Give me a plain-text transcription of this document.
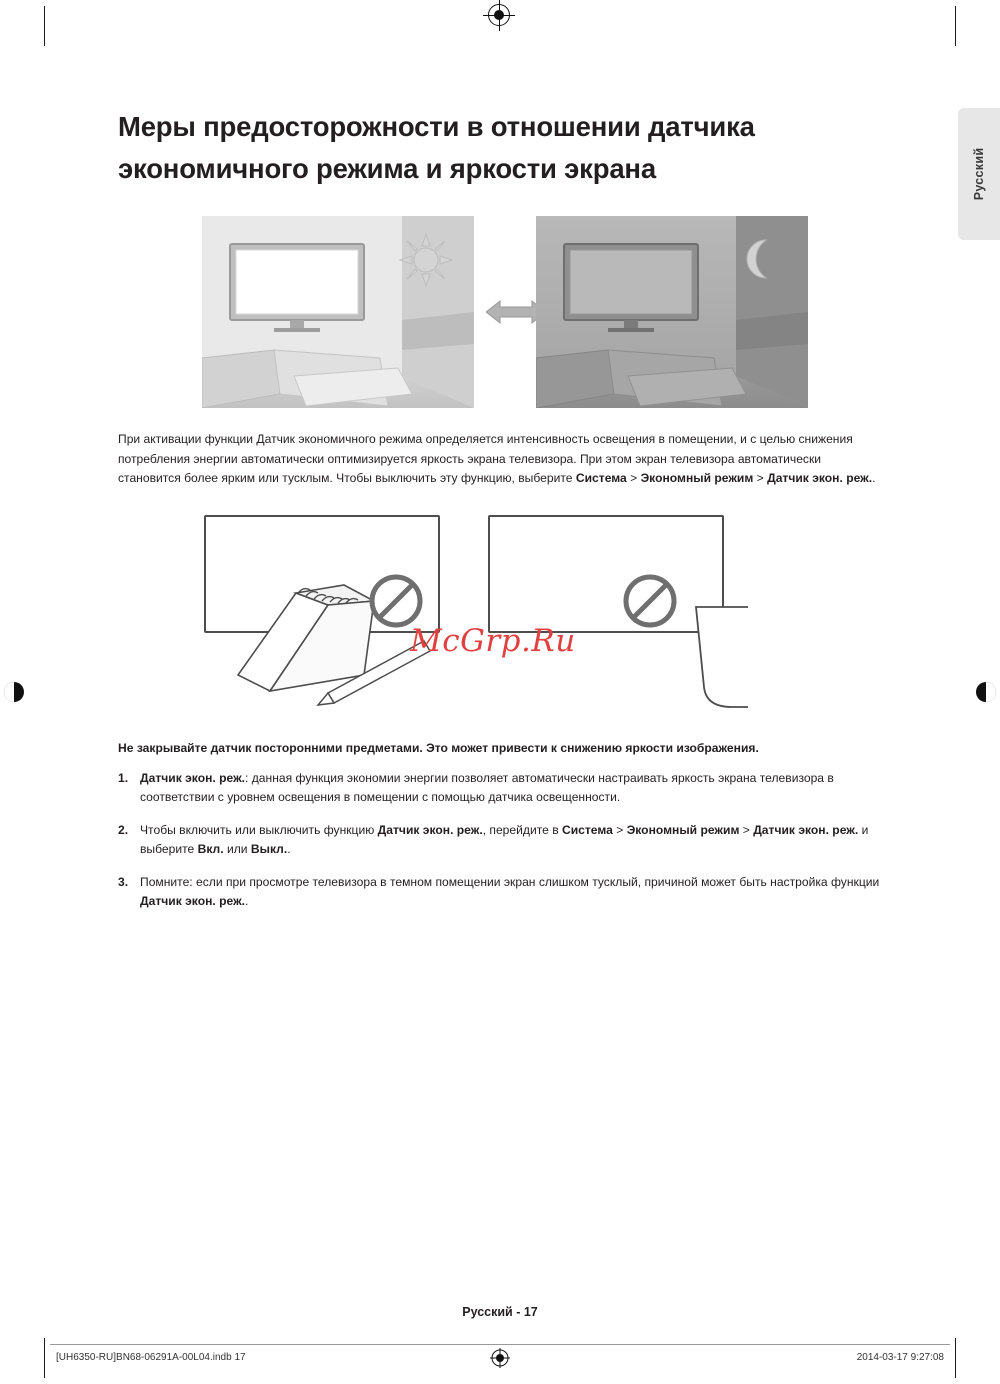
Русский
Меры предосторожности в отношении датчика экономичного режима и яркости экрана

При активации функции Датчик экономичного режима определяется интенсивность освещения в помещении, и с целью снижения потребления энергии автоматически оптимизируется яркость экрана телевизора. При этом экран телевизора автоматически становится более ярким или тусклым. Чтобы выключить эту функцию, выберите Система > Экономный режим > Датчик экон. реж..

McGrp.Ru

Не закрывайте датчик посторонними предметами. Это может привести к снижению яркости изображения.

1. Датчик экон. реж.: данная функция экономии энергии позволяет автоматически настраивать яркость экрана телевизора в соответствии с уровнем освещения в помещении с помощью датчика освещенности.
2. Чтобы включить или выключить функцию Датчик экон. реж., перейдите в Система > Экономный режим > Датчик экон. реж. и выберите Вкл. или Выкл..
3. Помните: если при просмотре телевизора в темном помещении экран слишком тусклый, причиной может быть настройка функции Датчик экон. реж..
Русский - 17
[UH6350-RU]BN68-06291A-00L04.indb 17	2014-03-17 9:27:08
